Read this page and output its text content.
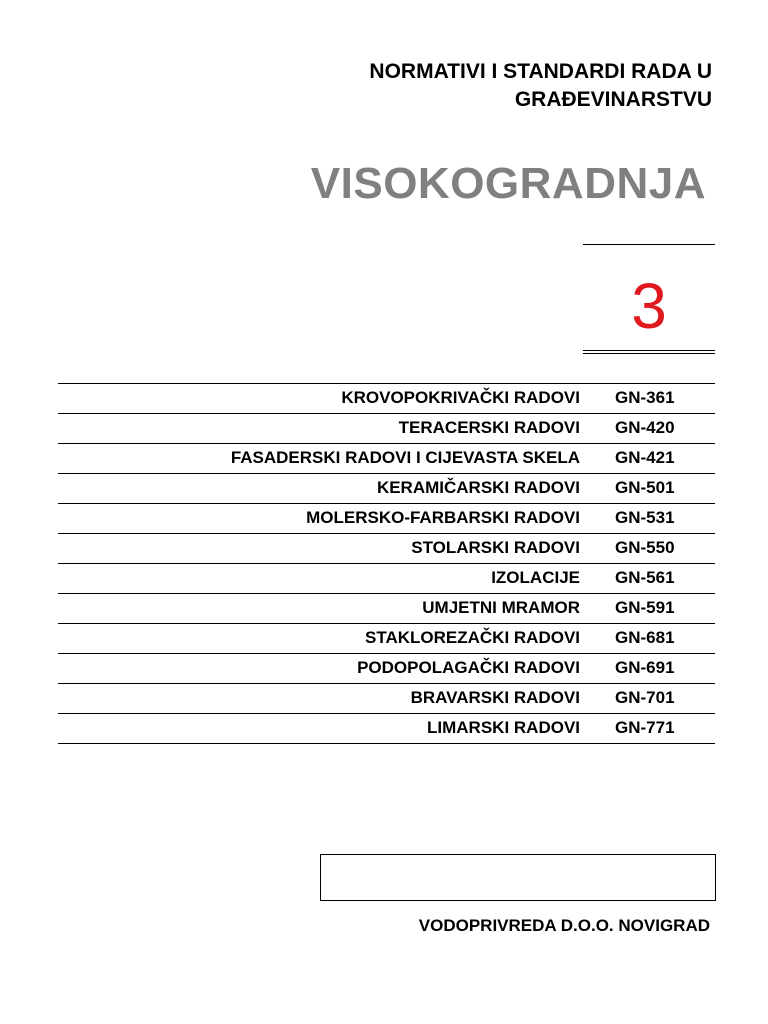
NORMATIVI I STANDARDI RADA U
GRAĐEVINARSTVU
VISOKOGRADNJA
3
KROVOPOKRIVAČKI RADOVI GN-361
TERACERSKI RADOVI GN-420
FASADERSKI RADOVI I CIJEVASTA SKELA GN-421
KERAMIČARSKI RADOVI GN-501
MOLERSKO-FARBARSKI RADOVI GN-531
STOLARSKI RADOVI GN-550
IZOLACIJE GN-561
UMJETNI MRAMOR GN-591
STAKLOREZAČKI RADOVI GN-681
PODOPOLAGAČKI RADOVI GN-691
BRAVARSKI RADOVI GN-701
LIMARSKI RADOVI GN-771
VODOPRIVREDA D.O.O. NOVIGRAD
